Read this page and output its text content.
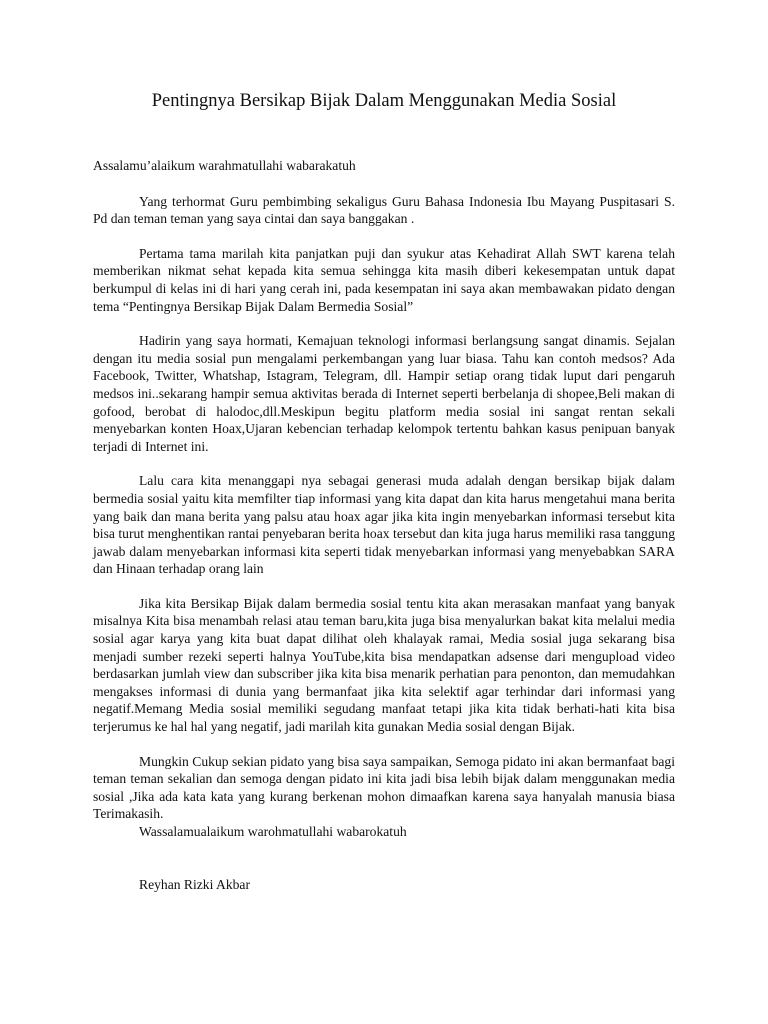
Pentingnya Bersikap Bijak Dalam Menggunakan Media Sosial

Assalamu’alaikum warahmatullahi wabarakatuh

Yang terhormat Guru pembimbing sekaligus Guru Bahasa Indonesia Ibu Mayang Puspitasari S. Pd dan teman teman yang saya cintai dan saya banggakan .

Pertama tama marilah kita panjatkan puji dan syukur atas Kehadirat Allah SWT karena telah memberikan nikmat sehat kepada kita semua sehingga kita masih diberi kekesempatan untuk dapat berkumpul di kelas ini di hari yang cerah ini, pada kesempatan ini saya akan membawakan pidato dengan tema “Pentingnya Bersikap Bijak Dalam Bermedia Sosial”

Hadirin yang saya hormati, Kemajuan teknologi informasi berlangsung sangat dinamis. Sejalan dengan itu media sosial pun mengalami perkembangan yang luar biasa. Tahu kan contoh medsos? Ada Facebook, Twitter, Whatshap, Istagram, Telegram, dll. Hampir setiap orang tidak luput dari pengaruh medsos ini..sekarang hampir semua aktivitas berada di Internet seperti berbelanja di shopee,Beli makan di gofood, berobat di halodoc,dll.Meskipun begitu platform media sosial ini sangat rentan sekali menyebarkan konten Hoax,Ujaran kebencian terhadap kelompok tertentu bahkan kasus penipuan banyak terjadi di Internet ini.

Lalu cara kita menanggapi nya sebagai generasi muda adalah dengan bersikap bijak dalam bermedia sosial yaitu kita memfilter tiap informasi yang kita dapat dan kita harus mengetahui mana berita yang baik dan mana berita yang palsu atau hoax agar jika kita ingin menyebarkan informasi tersebut kita bisa turut menghentikan rantai penyebaran berita hoax tersebut dan kita juga harus memiliki rasa tanggung jawab dalam menyebarkan informasi kita seperti tidak menyebarkan informasi yang menyebabkan SARA dan Hinaan terhadap orang lain

Jika kita Bersikap Bijak dalam bermedia sosial tentu kita akan merasakan manfaat yang banyak misalnya Kita bisa menambah relasi atau teman baru,kita juga bisa menyalurkan bakat kita melalui media sosial agar karya yang kita buat dapat dilihat oleh khalayak ramai, Media sosial juga sekarang bisa menjadi sumber rezeki seperti halnya YouTube,kita bisa mendapatkan adsense dari mengupload video berdasarkan jumlah view dan subscriber jika kita bisa menarik perhatian para penonton, dan memudahkan mengakses informasi di dunia yang bermanfaat jika kita selektif agar terhindar dari informasi yang negatif.Memang Media sosial memiliki segudang manfaat tetapi jika kita tidak berhati-hati kita bisa terjerumus ke hal hal yang negatif, jadi marilah kita gunakan Media sosial dengan Bijak.

Mungkin Cukup sekian pidato yang bisa saya sampaikan, Semoga pidato ini akan bermanfaat bagi teman teman sekalian dan semoga dengan pidato ini kita jadi bisa lebih bijak dalam menggunakan media sosial ,Jika ada kata kata yang kurang berkenan mohon dimaafkan karena saya hanyalah manusia biasa Terimakasih.

Wassalamualaikum warohmatullahi wabarokatuh

Reyhan Rizki Akbar
